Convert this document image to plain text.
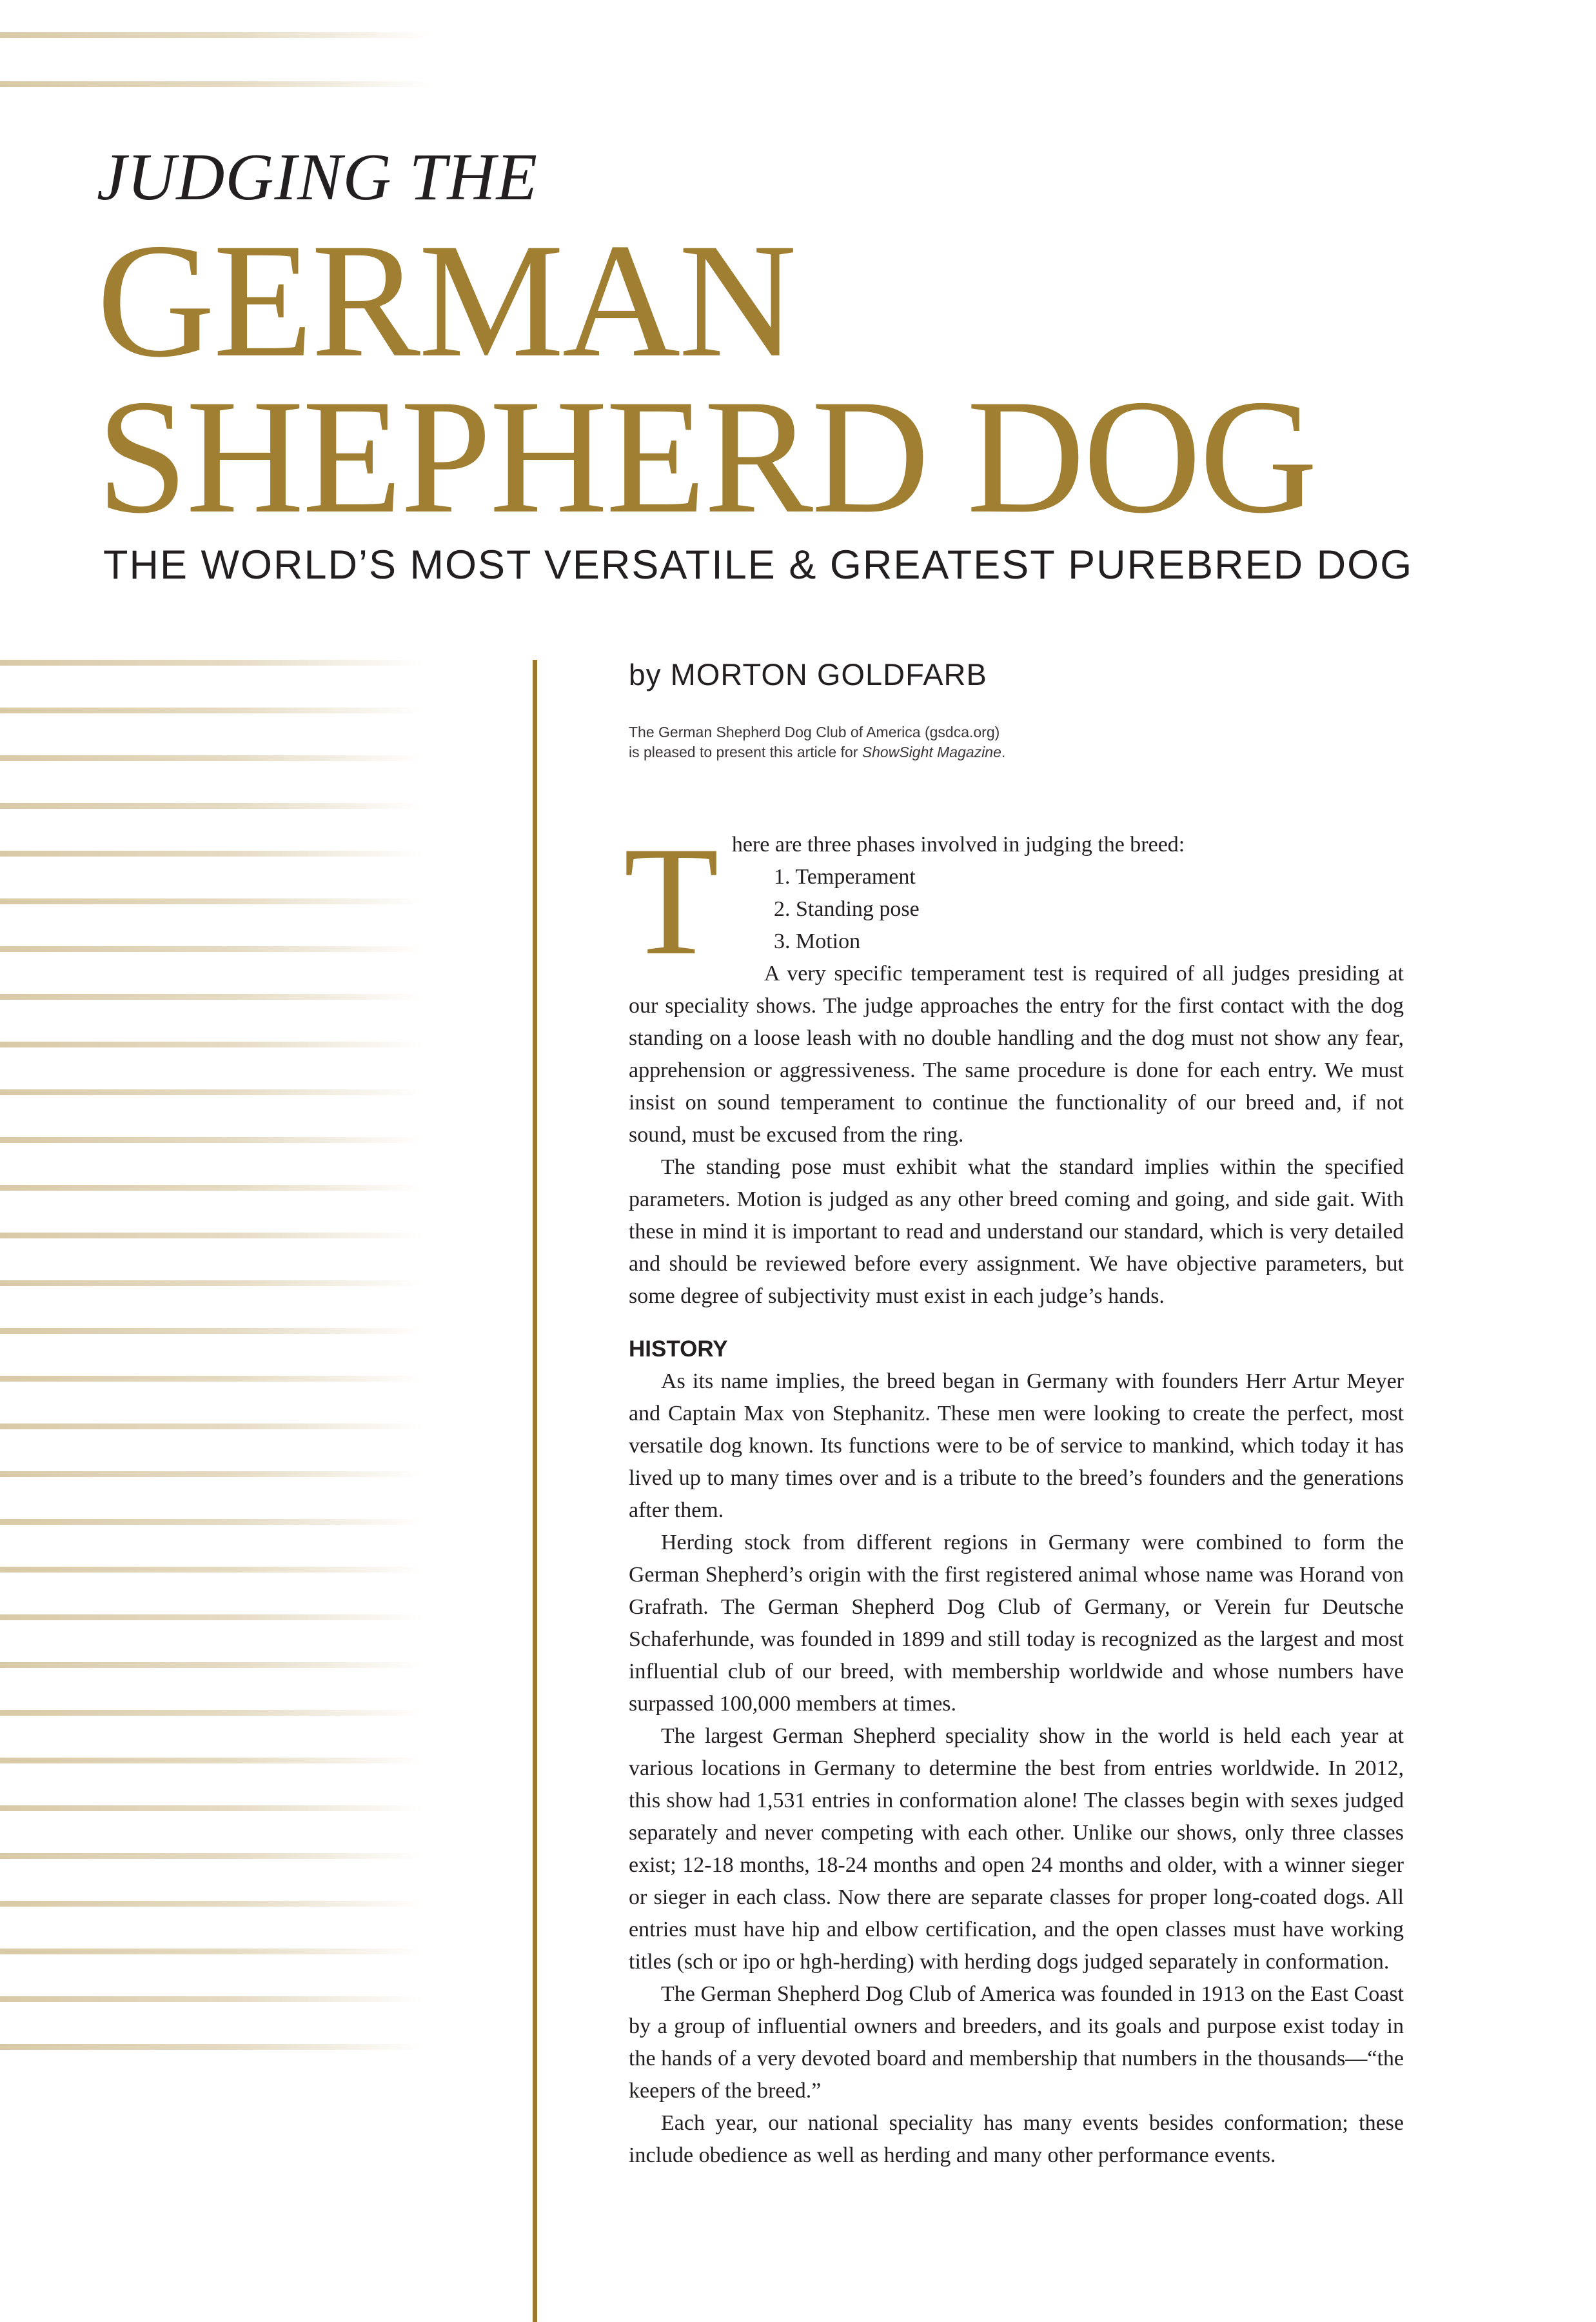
JUDGING THE
GERMAN
SHEPHERD DOG
THE WORLD’S MOST VERSATILE & GREATEST PUREBRED DOG
by MORTON GOLDFARB
The German Shepherd Dog Club of America (gsdca.org)
is pleased to present this article for ShowSight Magazine.
T here are three phases involved in judging the breed:

1. Temperament
2. Standing pose
3. Motion

A very specific temperament test is required of all judges presiding at our speciality shows. The judge approaches the entry for the first contact with the dog standing on a loose leash with no double handling and the dog must not show any fear, apprehension or aggressiveness. The same procedure is done for each entry. We must insist on sound temperament to continue the functionality of our breed and, if not sound, must be excused from the ring.

The standing pose must exhibit what the standard implies within the specified parameters. Motion is judged as any other breed coming and going, and side gait. With these in mind it is important to read and understand our standard, which is very detailed and should be reviewed before every assignment. We have objective parameters, but some degree of subjectivity must exist in each judge’s hands.

HISTORY

As its name implies, the breed began in Germany with founders Herr Artur Meyer and Captain Max von Stephanitz. These men were looking to create the perfect, most versatile dog known. Its functions were to be of service to mankind, which today it has lived up to many times over and is a tribute to the breed’s founders and the generations after them.

Herding stock from different regions in Germany were combined to form the German Shepherd’s origin with the first registered animal whose name was Horand von Grafrath. The German Shepherd Dog Club of Germany, or Verein fur Deutsche Schaferhunde, was founded in 1899 and still today is recognized as the largest and most influential club of our breed, with membership worldwide and whose numbers have surpassed 100,000 members at times.

The largest German Shepherd speciality show in the world is held each year at various locations in Germany to determine the best from entries worldwide. In 2012, this show had 1,531 entries in conformation alone! The classes begin with sexes judged separately and never competing with each other. Unlike our shows, only three classes exist; 12-18 months, 18-24 months and open 24 months and older, with a winner sieger or sieger in each class. Now there are separate classes for proper long-coated dogs. All entries must have hip and elbow certification, and the open classes must have working titles (sch or ipo or hgh-herding) with herding dogs judged separately in conformation.

The German Shepherd Dog Club of America was founded in 1913 on the East Coast by a group of influential owners and breeders, and its goals and purpose exist today in the hands of a very devoted board and membership that numbers in the thousands—“the keepers of the breed.”

Each year, our national speciality has many events besides conformation; these include obedience as well as herding and many other performance events.
